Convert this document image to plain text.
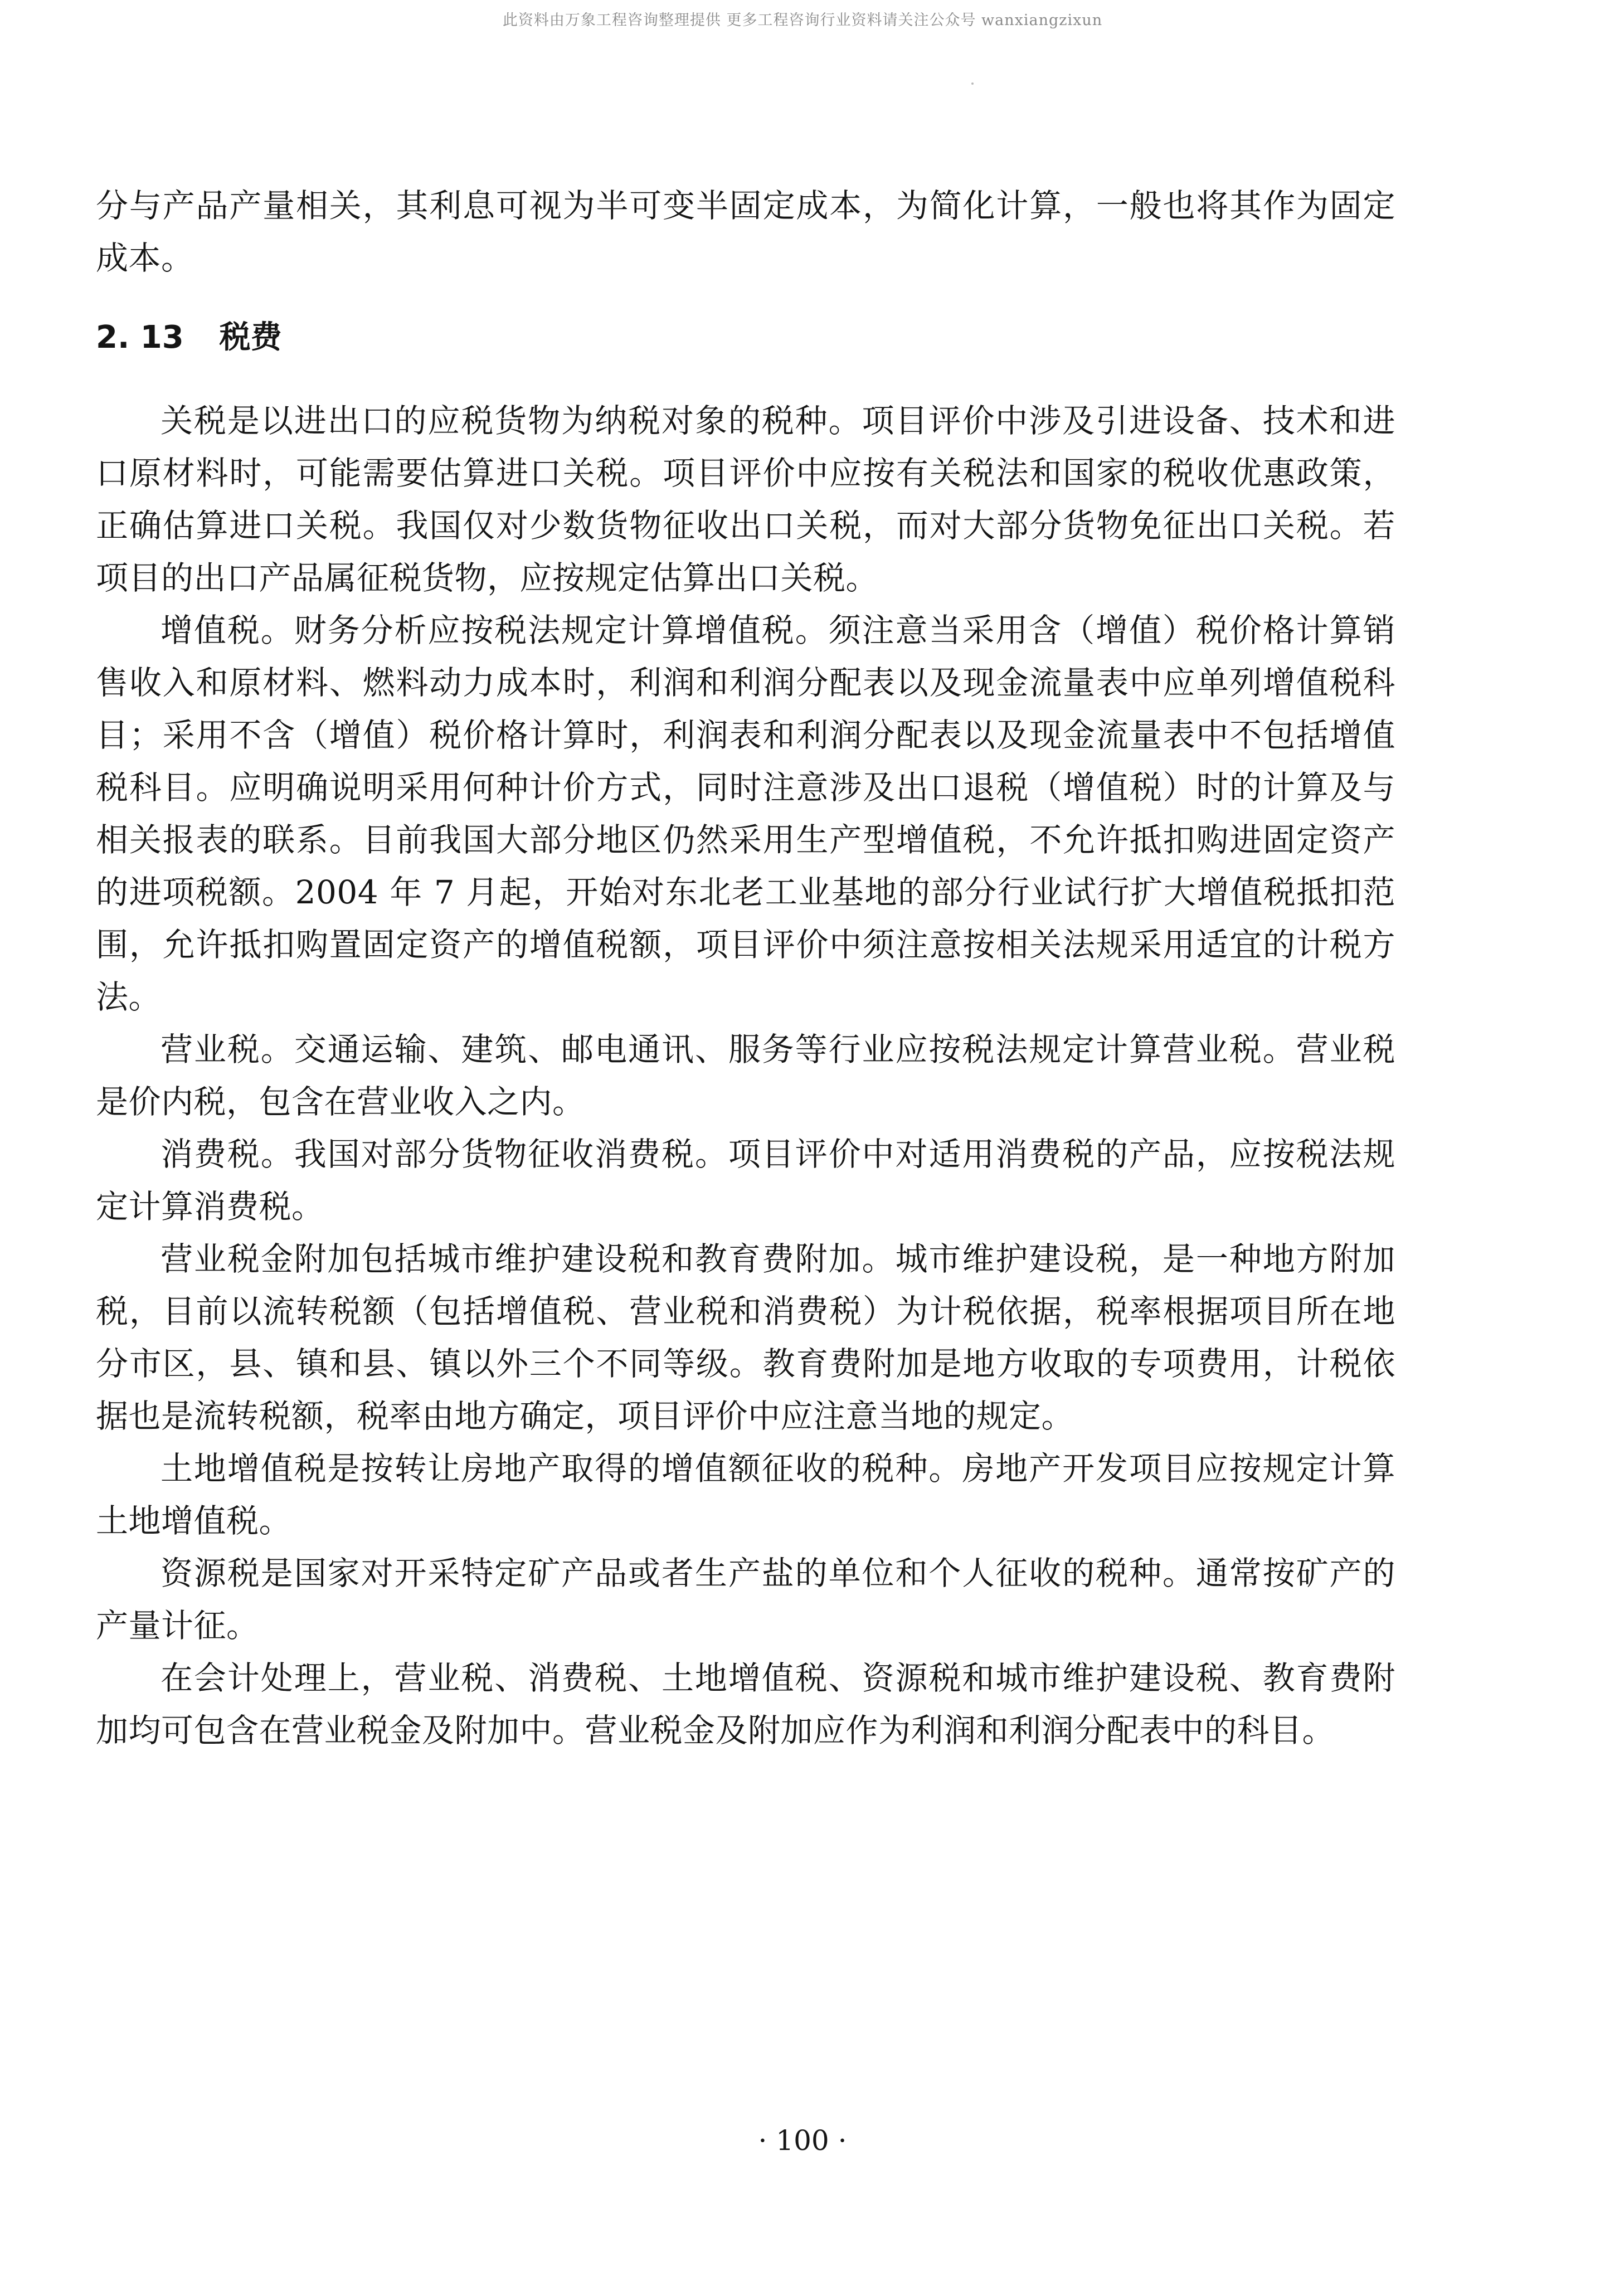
此资料由万象工程咨询整理提供 更多工程咨询行业资料请关注公众号 wanxiangzixun

分与产品产量相关，其利息可视为半可变半固定成本，为简化计算，一般也将其作为固定成本。

2. 13 税费

关税是以进出口的应税货物为纳税对象的税种。项目评价中涉及引进设备、技术和进口原材料时，可能需要估算进口关税。项目评价中应按有关税法和国家的税收优惠政策，正确估算进口关税。我国仅对少数货物征收出口关税，而对大部分货物免征出口关税。若项目的出口产品属征税货物，应按规定估算出口关税。

增值税。财务分析应按税法规定计算增值税。须注意当采用含（增值）税价格计算销售收入和原材料、燃料动力成本时，利润和利润分配表以及现金流量表中应单列增值税科目；采用不含（增值）税价格计算时，利润表和利润分配表以及现金流量表中不包括增值税科目。应明确说明采用何种计价方式，同时注意涉及出口退税（增值税）时的计算及与相关报表的联系。目前我国大部分地区仍然采用生产型增值税，不允许抵扣购进固定资产的进项税额。2004 年 7 月起，开始对东北老工业基地的部分行业试行扩大增值税抵扣范围，允许抵扣购置固定资产的增值税额，项目评价中须注意按相关法规采用适宜的计税方法。

营业税。交通运输、建筑、邮电通讯、服务等行业应按税法规定计算营业税。营业税是价内税，包含在营业收入之内。

消费税。我国对部分货物征收消费税。项目评价中对适用消费税的产品，应按税法规定计算消费税。

营业税金附加包括城市维护建设税和教育费附加。城市维护建设税，是一种地方附加税，目前以流转税额（包括增值税、营业税和消费税）为计税依据，税率根据项目所在地分市区，县、镇和县、镇以外三个不同等级。教育费附加是地方收取的专项费用，计税依据也是流转税额，税率由地方确定，项目评价中应注意当地的规定。

土地增值税是按转让房地产取得的增值额征收的税种。房地产开发项目应按规定计算土地增值税。

资源税是国家对开采特定矿产品或者生产盐的单位和个人征收的税种。通常按矿产的产量计征。

在会计处理上，营业税、消费税、土地增值税、资源税和城市维护建设税、教育费附加均可包含在营业税金及附加中。营业税金及附加应作为利润和利润分配表中的科目。

· 100 ·
